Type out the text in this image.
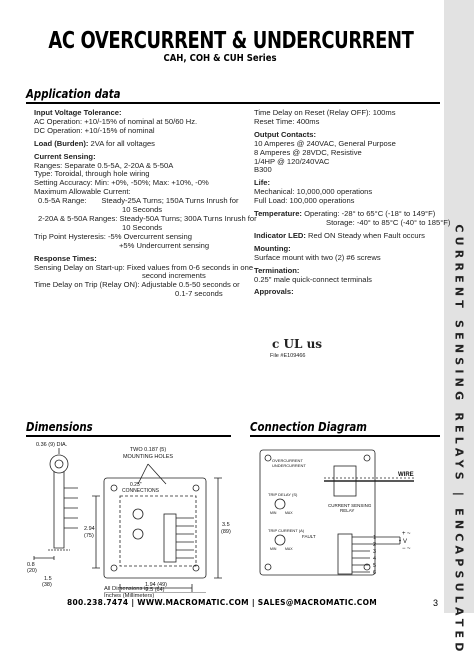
CURRENT SENSING RELAYS | ENCAPSULATED
AC OVERCURRENT & UNDERCURRENT
CAH, COH & CUH Series
Application data
Input Voltage Tolerance:
AC Operation: +10/-15% of nominal at 50/60 Hz.
DC Operation: +10/-15% of nominal
Load (Burden): 2VA for all voltages
Current Sensing:
Ranges: Separate 0.5-5A, 2-20A & 5-50A
Type: Toroidal, through hole wiring
Setting Accuracy: Min: +0%, -50%; Max: +10%, -0%
Maximum Allowable Current:
0.5-5A Range: Steady-25A Turns; 150A Turns Inrush for
10 Seconds
2-20A & 5-50A Ranges: Steady-50A Turns; 300A Turns Inrush for
10 Seconds
Trip Point Hysteresis: -5% Overcurrent sensing
+5% Undercurrent sensing
Response Times:
Sensing Delay on Start-up: Fixed values from 0-6 seconds in one
second increments
Time Delay on Trip (Relay ON): Adjustable 0.5-50 seconds or
0.1-7 seconds
Time Delay on Reset (Relay OFF): 100ms
Reset Time: 400ms
Output Contacts:
10 Amperes @ 240VAC, General Purpose
8 Amperes @ 28VDC, Resistive
1/4HP @ 120/240VAC
B300
Life:
Mechanical: 10,000,000 operations
Full Load: 100,000 operations
Temperature: Operating: -28° to 65°C (-18° to 149°F)
Storage: -40° to 85°C (-40° to 185°F)
Indicator LED: Red ON Steady when Fault occurs
Mounting:
Surface mount with two (2) #6 screws
Termination:
0.25" male quick-connect terminals
Approvals:
c UL us
File #E109466
Dimensions
0.36 (9) DIA.
TWO 0.187 (5)
MOUNTING HOLES
0.25"
CONNECTIONS
2.94
(75)
3.5
(89)
1.94 (49)
2.5 (64)
0.8
(20)
1.5
(38)
All Dimensions in
Inches (Millimeters)
Connection Diagram
WIRE
OVERCURRENT
UNDERCURRENT
CURRENT SENSING
RELAY
TRIP DELAY (S)
TRIP CURRENT (A)
MIN MAX
MIN MAX
FAULT	1
2
3
4
5
6
+ ~
V
− ~
800.238.7474 | WWW.MACROMATIC.COM | SALES@MACROMATIC.COM	3
